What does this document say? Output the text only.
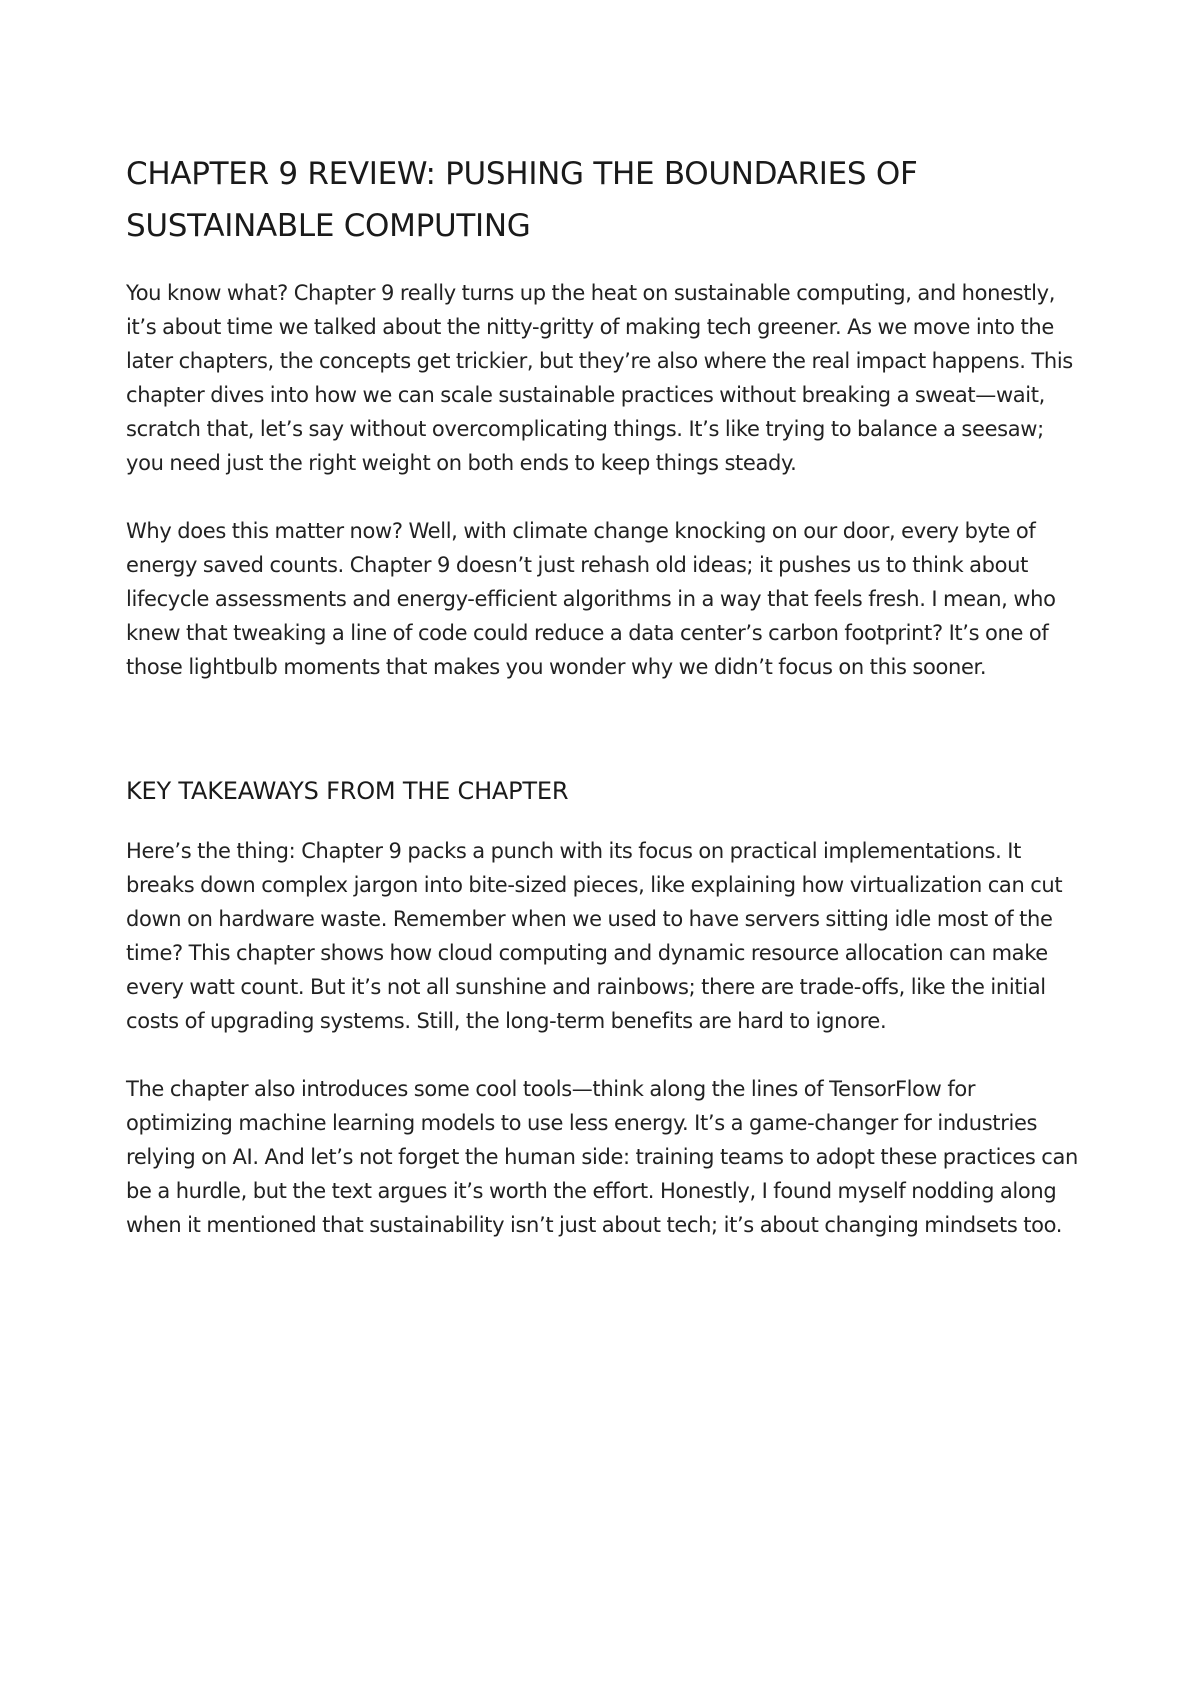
CHAPTER 9 REVIEW: PUSHING THE BOUNDARIES OF SUSTAINABLE COMPUTING

You know what? Chapter 9 really turns up the heat on sustainable computing, and honestly, it’s about time we talked about the nitty-gritty of making tech greener. As we move into the later chapters, the concepts get trickier, but they’re also where the real impact happens. This chapter dives into how we can scale sustainable practices without breaking a sweat—wait, scratch that, let’s say without overcomplicating things. It’s like trying to balance a seesaw; you need just the right weight on both ends to keep things steady.

Why does this matter now? Well, with climate change knocking on our door, every byte of energy saved counts. Chapter 9 doesn’t just rehash old ideas; it pushes us to think about lifecycle assessments and energy-efficient algorithms in a way that feels fresh. I mean, who knew that tweaking a line of code could reduce a data center’s carbon footprint? It’s one of those lightbulb moments that makes you wonder why we didn’t focus on this sooner.

KEY TAKEAWAYS FROM THE CHAPTER

Here’s the thing: Chapter 9 packs a punch with its focus on practical implementations. It breaks down complex jargon into bite-sized pieces, like explaining how virtualization can cut down on hardware waste. Remember when we used to have servers sitting idle most of the time? This chapter shows how cloud computing and dynamic resource allocation can make every watt count. But it’s not all sunshine and rainbows; there are trade-offs, like the initial costs of upgrading systems. Still, the long-term benefits are hard to ignore.

The chapter also introduces some cool tools—think along the lines of TensorFlow for optimizing machine learning models to use less energy. It’s a game-changer for industries relying on AI. And let’s not forget the human side: training teams to adopt these practices can be a hurdle, but the text argues it’s worth the effort. Honestly, I found myself nodding along when it mentioned that sustainability isn’t just about tech; it’s about changing mindsets too.
